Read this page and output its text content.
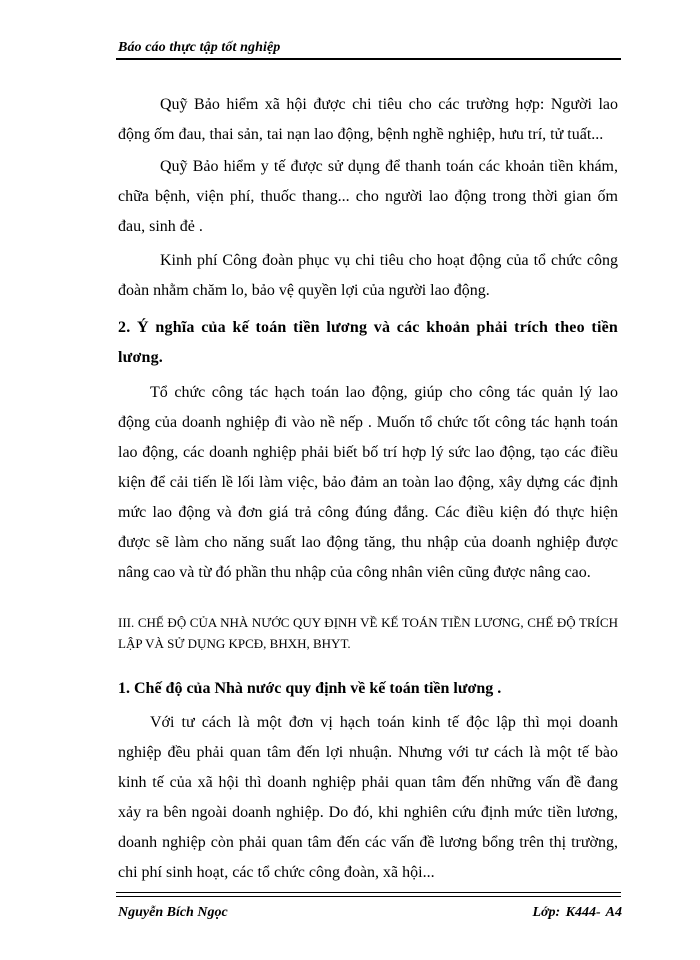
Báo cáo thực tập tốt nghiệp
Quỹ Bảo hiểm xã hội được chi tiêu cho các trường hợp: Người lao động ốm đau, thai sản, tai nạn lao động, bệnh nghề nghiệp, hưu trí, tử tuất...
Quỹ Bảo hiểm y tế được sử dụng để thanh toán các khoản tiền khám, chữa bệnh, viện phí, thuốc thang... cho người lao động trong thời gian ốm đau, sinh đẻ .
Kinh phí Công đoàn phục vụ chi tiêu cho hoạt động của tổ chức công đoàn nhằm chăm lo, bảo vệ quyền lợi của người lao động.
2. Ý nghĩa của kế toán tiền lương và các khoản phải trích theo tiền lương.
Tổ chức công tác hạch toán lao động, giúp cho công tác quản lý lao động của doanh nghiệp đi vào nề nếp . Muốn tổ chức tốt công tác hạnh toán lao động, các doanh nghiệp phải biết bố trí hợp lý sức lao động, tạo các điều kiện để cải tiến lề lối làm việc, bảo đảm an toàn lao động, xây dựng các định mức lao động và đơn giá trả công đúng đắng. Các điều kiện đó thực hiện được sẽ làm cho năng suất lao động tăng, thu nhập của doanh nghiệp được nâng cao và từ đó phần thu nhập của công nhân viên cũng được nâng cao.
III. CHẾ ĐỘ CỦA NHÀ NƯỚC QUY ĐỊNH VỀ KẾ TOÁN TIỀN LƯƠNG, CHẾ ĐỘ TRÍCH LẬP VÀ SỬ DỤNG KPCĐ, BHXH, BHYT.
1. Chế độ của Nhà nước quy định về kế toán tiền lương .
Với tư cách là một đơn vị hạch toán kinh tế độc lập thì mọi doanh nghiệp đều phải quan tâm đến lợi nhuận. Nhưng với tư cách là một tế bào kinh tế của xã hội thì doanh nghiệp phải quan tâm đến những vấn đề đang xảy ra bên ngoài doanh nghiệp. Do đó, khi nghiên cứu định mức tiền lương, doanh nghiệp còn phải quan tâm đến các vấn đề lương bổng trên thị trường, chi phí sinh hoạt, các tổ chức công đoàn, xã hội...
Nguyễn Bích Ngọc	Lớp: K444- A4
